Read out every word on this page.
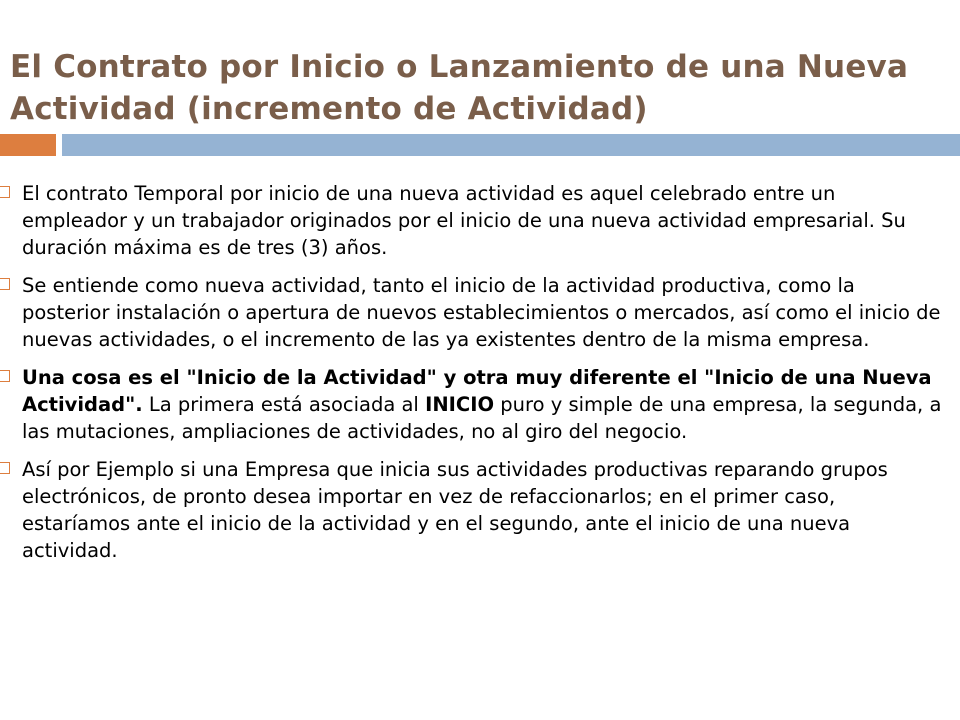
El Contrato por Inicio o Lanzamiento de una Nueva Actividad (incremento de Actividad)

El contrato Temporal por inicio de una nueva actividad es aquel celebrado entre un empleador y un trabajador originados por el inicio de una nueva actividad empresarial. Su duración máxima es de tres (3) años.

Se entiende como nueva actividad, tanto el inicio de la actividad productiva, como la posterior instalación o apertura de nuevos establecimientos o mercados, así como el inicio de nuevas actividades, o el incremento de las ya existentes dentro de la misma empresa.

Una cosa es el "Inicio de la Actividad" y otra muy diferente el "Inicio de una Nueva Actividad". La primera está asociada al INICIO puro y simple de una empresa, la segunda, a las mutaciones, ampliaciones de actividades, no al giro del negocio.

Así por Ejemplo si una Empresa que inicia sus actividades productivas reparando grupos electrónicos, de pronto desea importar en vez de refaccionarlos; en el primer caso, estaríamos ante el inicio de la actividad y en el segundo, ante el inicio de una nueva actividad.
